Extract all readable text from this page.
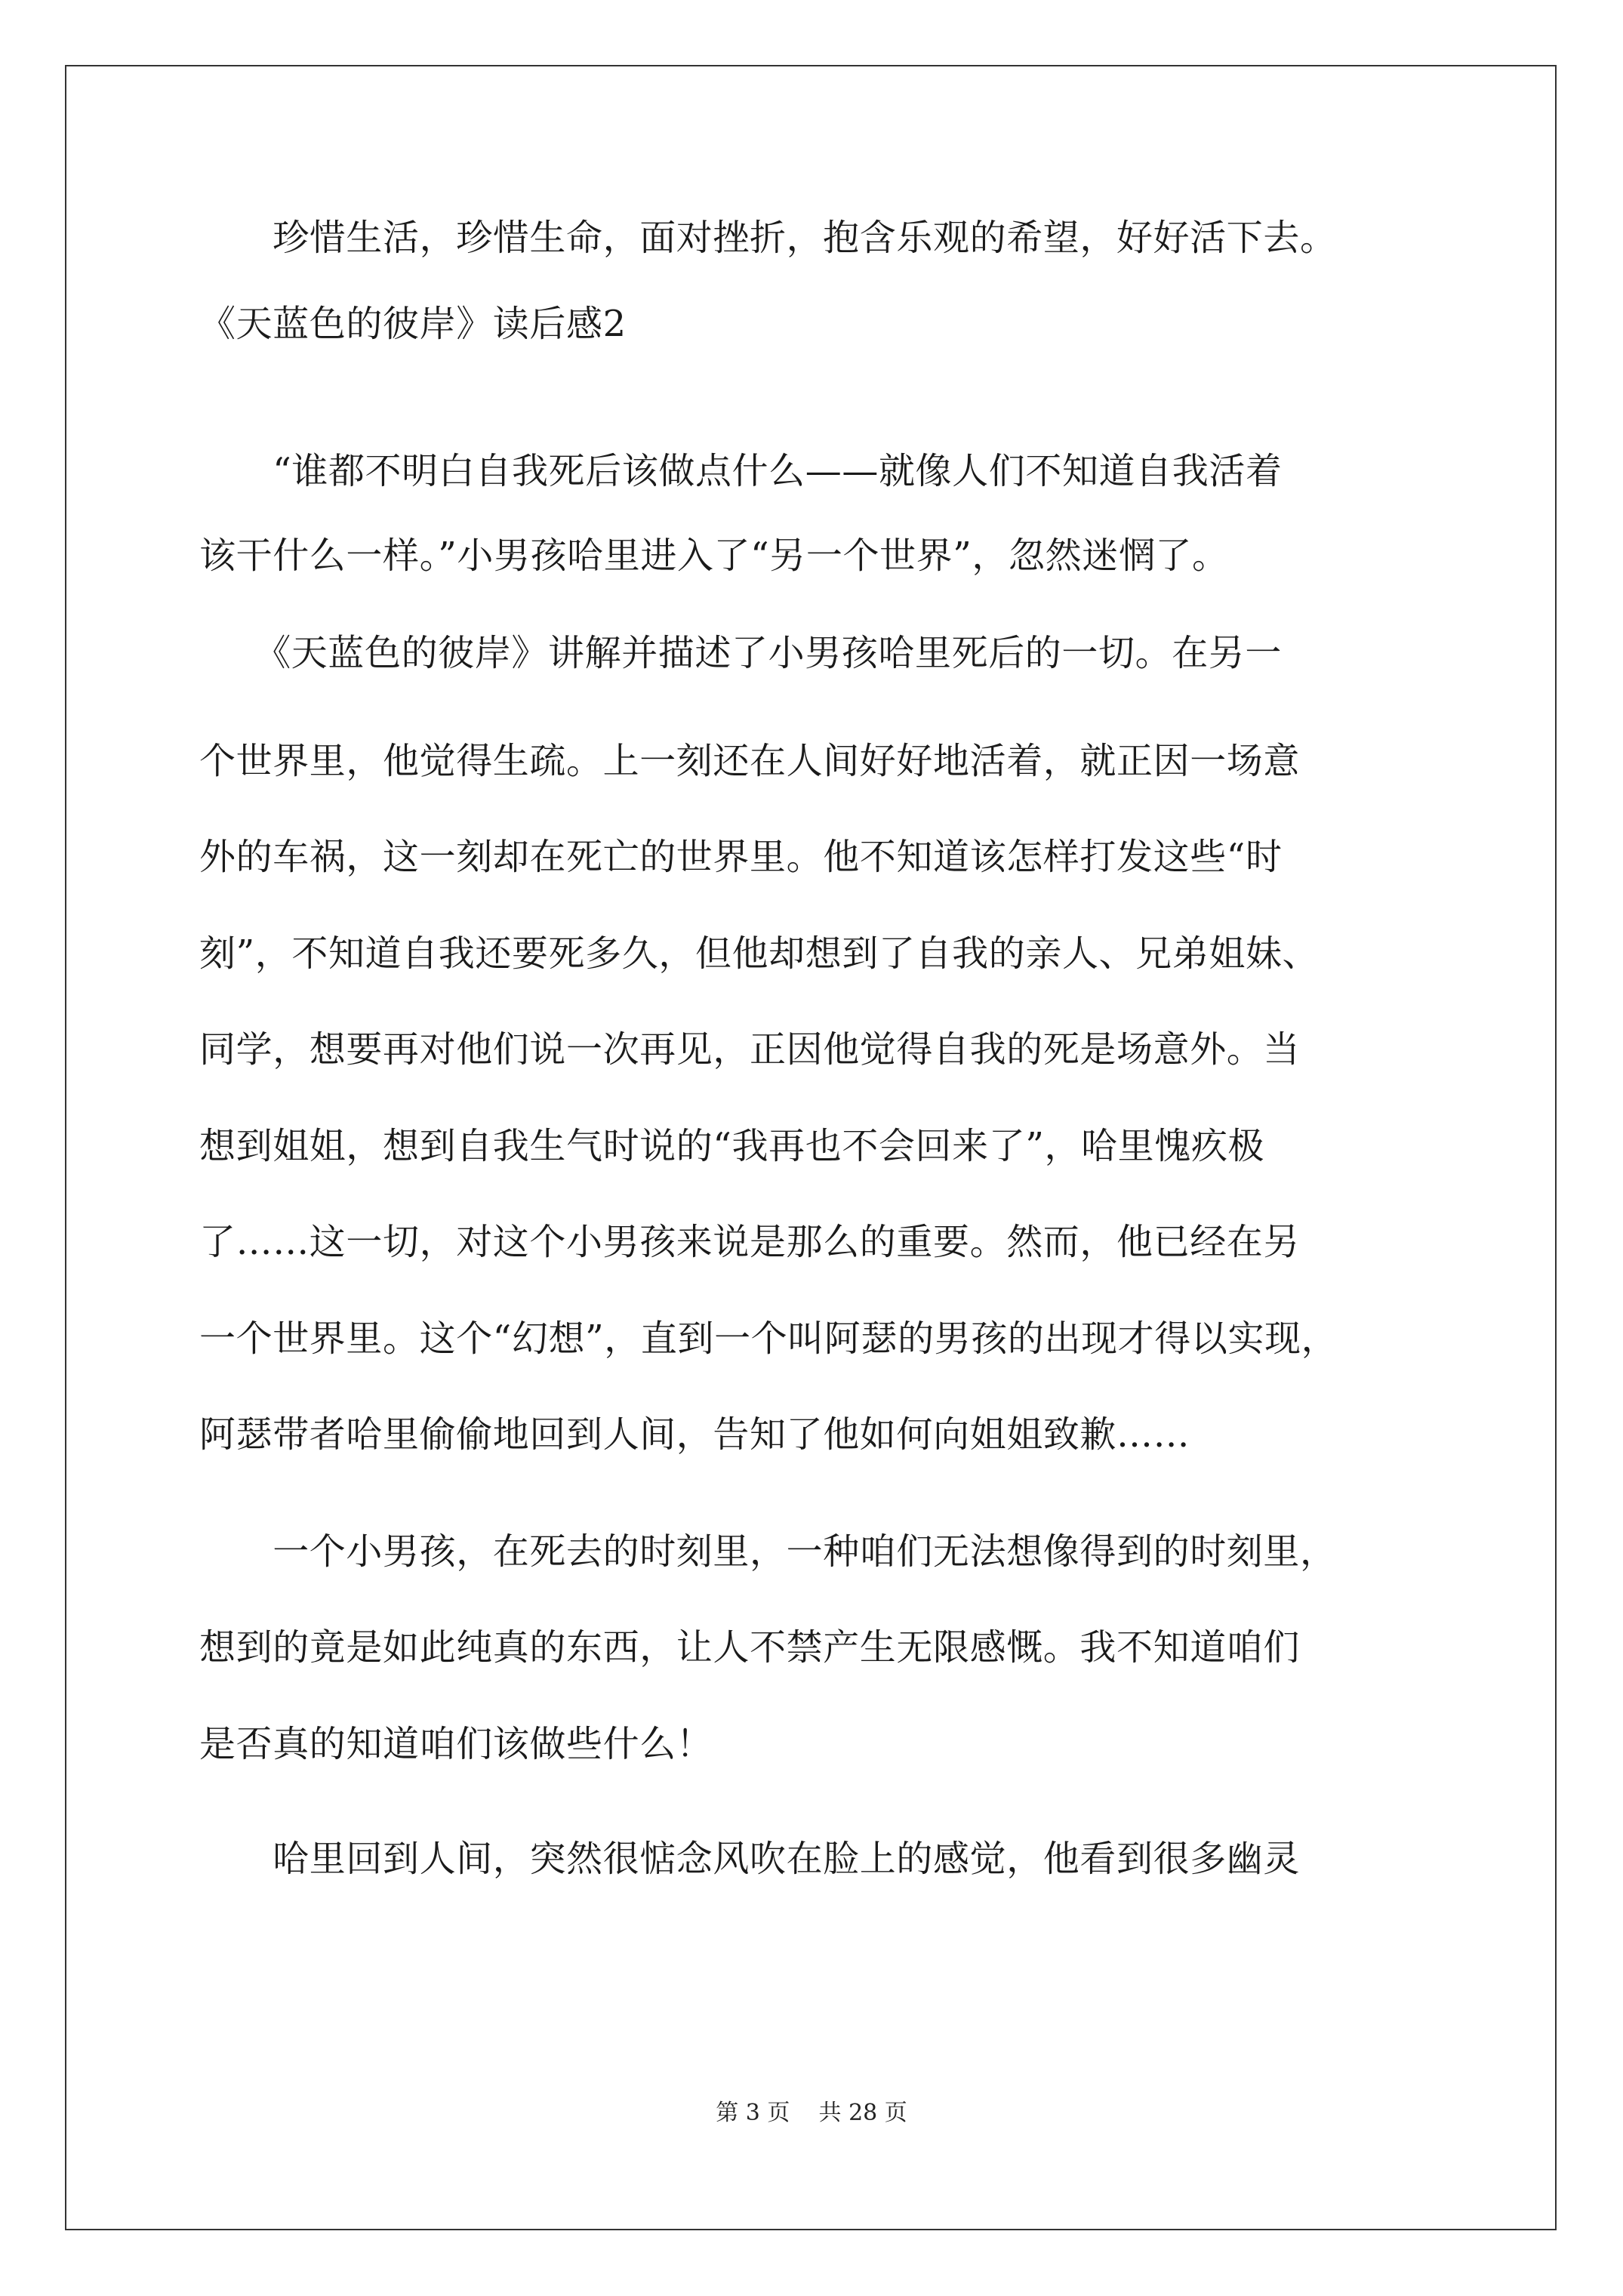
　　珍惜生活，珍惜生命，面对挫折，抱含乐观的希望，好好活下去。
《天蓝色的彼岸》读后感2
　　“谁都不明白自我死后该做点什么——就像人们不知道自我活着
该干什么一样。”小男孩哈里进入了“另一个世界”，忽然迷惘了。
　　《天蓝色的彼岸》讲解并描述了小男孩哈里死后的一切。在另一
个世界里，他觉得生疏。上一刻还在人间好好地活着，就正因一场意
外的车祸，这一刻却在死亡的世界里。他不知道该怎样打发这些“时
刻”，不知道自我还要死多久，但他却想到了自我的亲人、兄弟姐妹、
同学，想要再对他们说一次再见，正因他觉得自我的死是场意外。当
想到姐姐，想到自我生气时说的“我再也不会回来了”，哈里愧疚极
了……这一切，对这个小男孩来说是那么的重要。然而，他已经在另
一个世界里。这个“幻想”，直到一个叫阿瑟的男孩的出现才得以实现，
阿瑟带者哈里偷偷地回到人间，告知了他如何向姐姐致歉……
　　一个小男孩，在死去的时刻里，一种咱们无法想像得到的时刻里，
想到的竟是如此纯真的东西，让人不禁产生无限感慨。我不知道咱们
是否真的知道咱们该做些什么！
　　哈里回到人间，突然很惦念风吹在脸上的感觉，他看到很多幽灵
第 3 页 共 28 页
